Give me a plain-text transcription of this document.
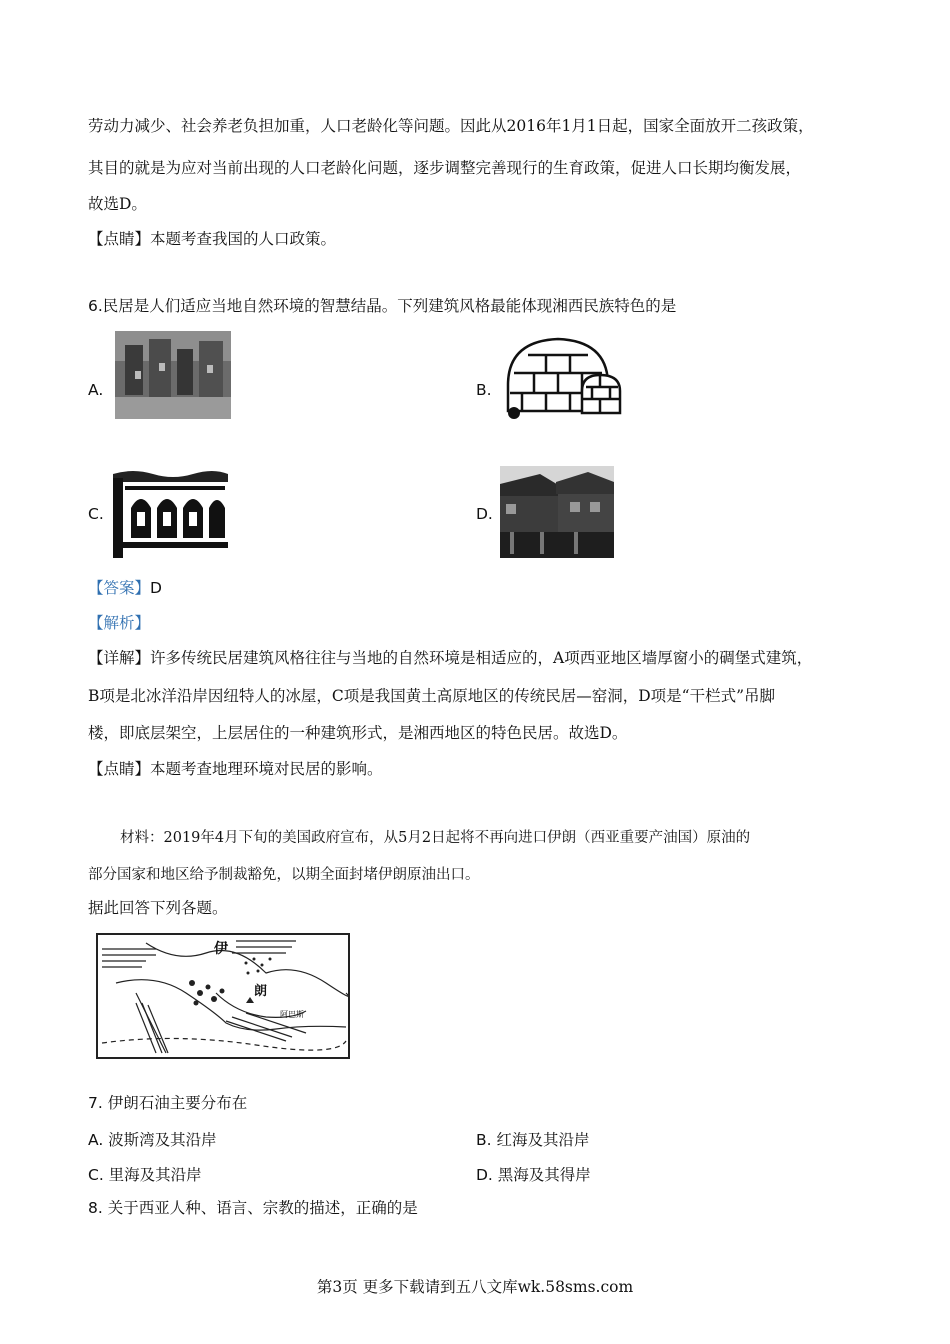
劳动力减少、社会养老负担加重，人口老龄化等问题。因此从2016年1月1日起，国家全面放开二孩政策，
其目的就是为应对当前出现的人口老龄化问题，逐步调整完善现行的生育政策，促进人口长期均衡发展，
故选D。
【点睛】本题考查我国的人口政策。
6.民居是人们适应当地自然环境的智慧结晶。下列建筑风格最能体现湘西民族特色的是
A.	B.
C.	D.
【答案】D
【解析】
【详解】许多传统民居建筑风格往往与当地的自然环境是相适应的，A项西亚地区墙厚窗小的碉堡式建筑，
B项是北冰洋沿岸因纽特人的冰屋，C项是我国黄土高原地区的传统民居—窑洞，D项是“干栏式”吊脚
楼，即底层架空，上层居住的一种建筑形式，是湘西地区的特色民居。故选D。
【点睛】本题考查地理环境对民居的影响。
材料：2019年4月下旬的美国政府宣布，从5月2日起将不再向进口伊朗（西亚重要产油国）原油的
部分国家和地区给予制裁豁免，以期全面封堵伊朗原油出口。
据此回答下列各题。
伊
朗
阿巴斯
7. 伊朗石油主要分布在
A. 波斯湾及其沿岸	B. 红海及其沿岸
C. 里海及其沿岸	D. 黑海及其得岸
8. 关于西亚人种、语言、宗教的描述，正确的是
第3页 更多下载请到五八文库wk.58sms.com
